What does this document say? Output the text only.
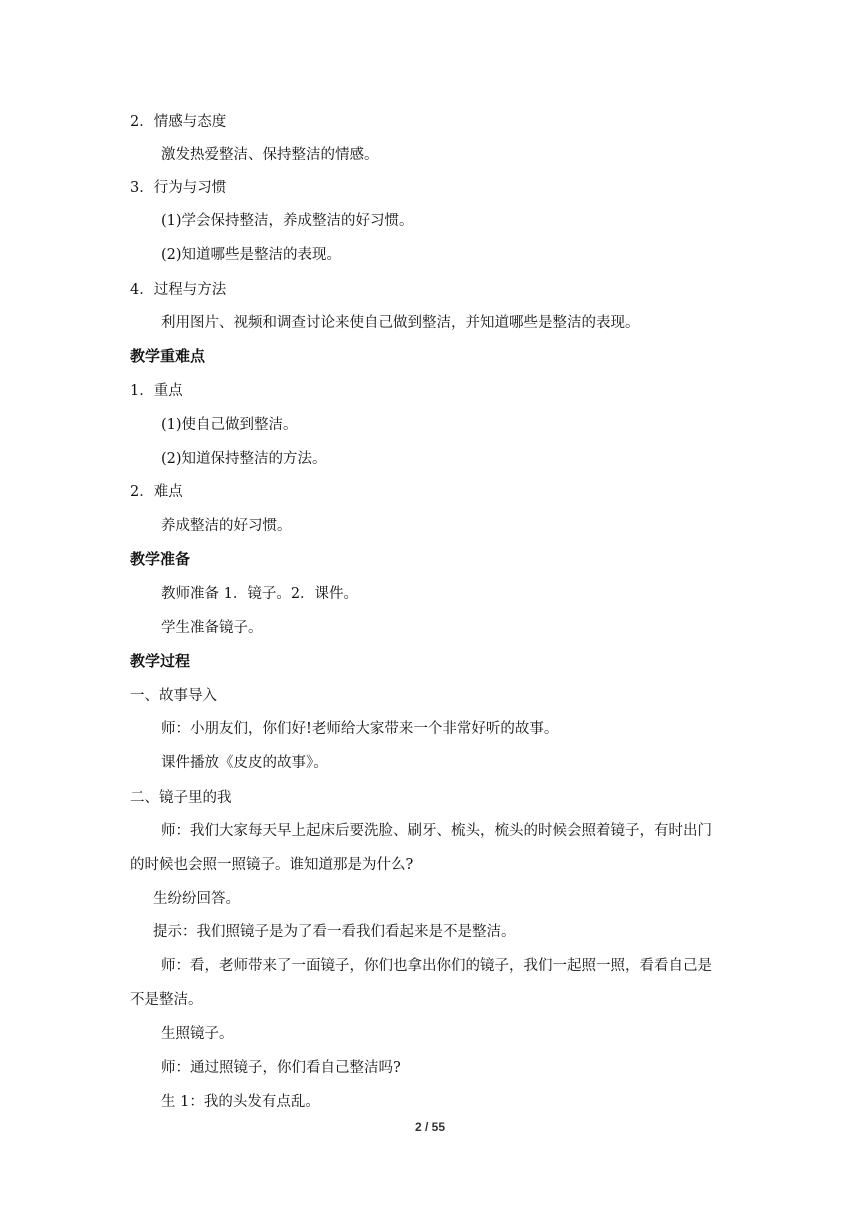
2．情感与态度
激发热爱整洁、保持整洁的情感。
3．行为与习惯
(1)学会保持整洁，养成整洁的好习惯。
(2)知道哪些是整洁的表现。
4．过程与方法
利用图片、视频和调查讨论来使自己做到整洁，并知道哪些是整洁的表现。
教学重难点
1．重点
(1)使自己做到整洁。
(2)知道保持整洁的方法。
2．难点
养成整洁的好习惯。
教学准备
教师准备 1．镜子。2．课件。
学生准备镜子。
教学过程
一、故事导入
师：小朋友们，你们好!老师给大家带来一个非常好听的故事。
课件播放《皮皮的故事》。
二、镜子里的我
师：我们大家每天早上起床后要洗脸、刷牙、梳头，梳头的时候会照着镜子，有时出门
的时候也会照一照镜子。谁知道那是为什么?
生纷纷回答。
提示：我们照镜子是为了看一看我们看起来是不是整洁。
师：看，老师带来了一面镜子，你们也拿出你们的镜子，我们一起照一照，看看自己是
不是整洁。
生照镜子。
师：通过照镜子，你们看自己整洁吗?
生 1：我的头发有点乱。
2 / 55
